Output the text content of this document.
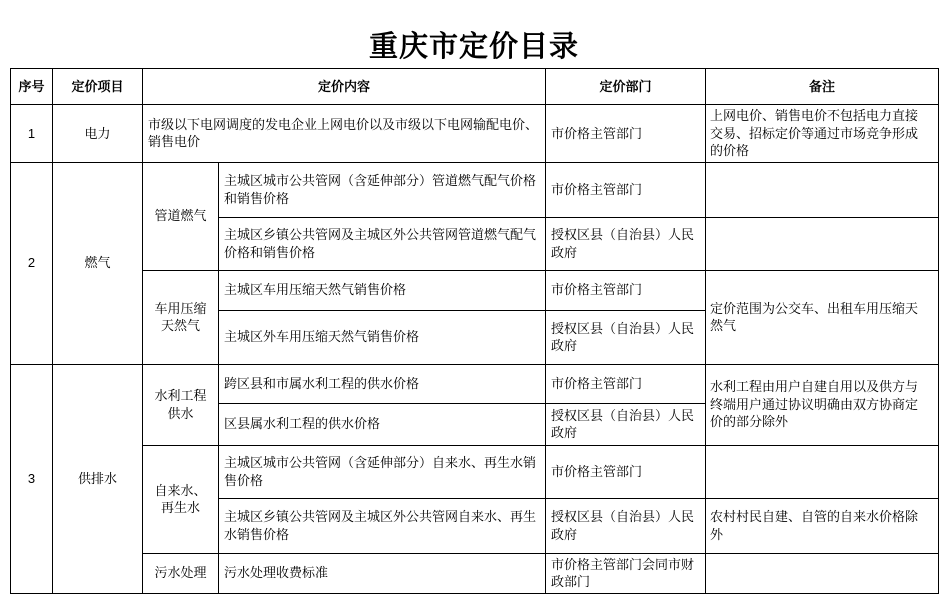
重庆市定价目录
序号	定价项目	定价内容		定价部门	备注
1	电力	市级以下电网调度的发电企业上网电价以及市级以下电网输配电价、销售电价		市价格主管部门	上网电价、销售电价不包括电力直接交易、招标定价等通过市场竞争形成的价格
2	燃气	管道燃气	主城区城市公共管网（含延伸部分）管道燃气配气价格和销售价格	市价格主管部门	
			主城区乡镇公共管网及主城区外公共管网管道燃气配气价格和销售价格	授权区县（自治县）人民政府	
		车用压缩天然气	主城区车用压缩天然气销售价格	市价格主管部门	定价范围为公交车、出租车用压缩天然气
			主城区外车用压缩天然气销售价格	授权区县（自治县）人民政府	
3	供排水	水利工程供水	跨区县和市属水利工程的供水价格	市价格主管部门	水利工程由用户自建自用以及供方与终端用户通过协议明确由双方协商定价的部分除外
			区县属水利工程的供水价格	授权区县（自治县）人民政府	
		自来水、再生水	主城区城市公共管网（含延伸部分）自来水、再生水销售价格	市价格主管部门	
			主城区乡镇公共管网及主城区外公共管网自来水、再生水销售价格	授权区县（自治县）人民政府	农村村民自建、自管的自来水价格除外
		污水处理	污水处理收费标准	市价格主管部门会同市财政部门	
